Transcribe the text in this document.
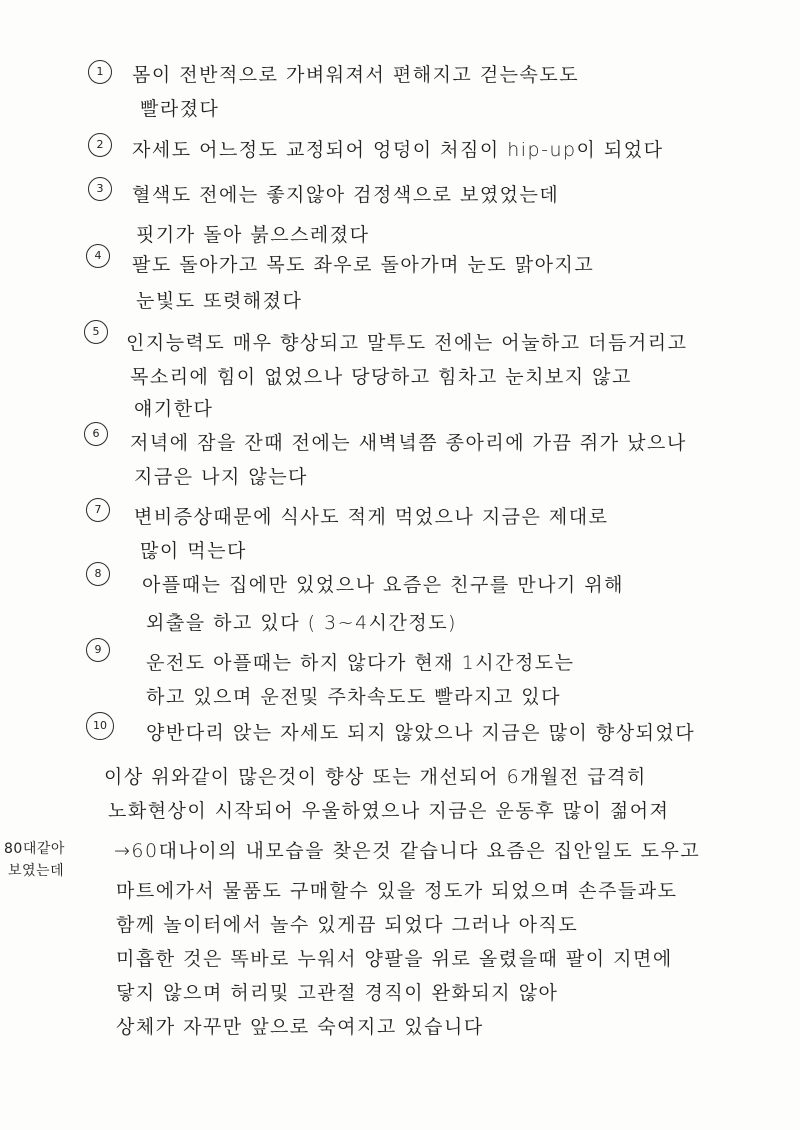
1	몸이 전반적으로 가벼워져서 편해지고 걷는속도도
빨라졌다
2	자세도 어느정도 교정되어 엉덩이 처짐이 hip-up이 되었다
3	혈색도 전에는 좋지않아 검정색으로 보였었는데
핏기가 돌아 붉으스레졌다
4	팔도 돌아가고 목도 좌우로 돌아가며 눈도 맑아지고
눈빛도 또렷해졌다
5
인지능력도 매우 향상되고 말투도 전에는 어눌하고 더듬거리고
목소리에 힘이 없었으나 당당하고 힘차고 눈치보지 않고
얘기한다
6	저녁에 잠을 잔때 전에는 새벽녘쯤 종아리에 가끔 쥐가 났으나
지금은 나지 않는다
7	변비증상때문에 식사도 적게 먹었으나 지금은 제대로
많이 먹는다
8
아플때는 집에만 있었으나 요즘은 친구를 만나기 위해
외출을 하고 있다 ( 3~4시간정도)
9
운전도 아플때는 하지 않다가 현재 1시간정도는
하고 있으며 운전및 주차속도도 빨라지고 있다
10	양반다리 앉는 자세도 되지 않았으나 지금은 많이 향상되었다
이상 위와같이 많은것이 향상 또는 개선되어 6개월전 급격히
노화현상이 시작되어 우울하였으나 지금은 운동후 많이 젊어져
80대같아
보였는데
→60대나이의 내모습을 찾은것 같습니다 요즘은 집안일도 도우고
마트에가서 물품도 구매할수 있을 정도가 되었으며 손주들과도
함께 놀이터에서 놀수 있게끔 되었다 그러나 아직도
미흡한 것은 똑바로 누워서 양팔을 위로 올렸을때 팔이 지면에
닿지 않으며 허리및 고관절 경직이 완화되지 않아
상체가 자꾸만 앞으로 숙여지고 있습니다
